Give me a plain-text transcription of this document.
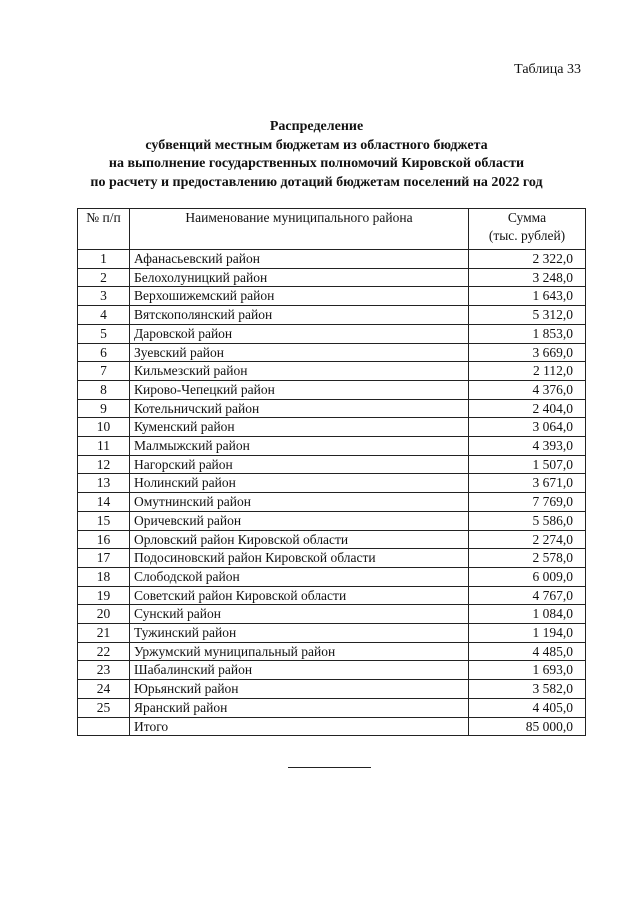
Таблица 33
Распределение
субвенций местным бюджетам из областного бюджета
на выполнение государственных полномочий Кировской области
по расчету и предоставлению дотаций бюджетам поселений на 2022 год
№ п/п	Наименование муниципального района	Сумма
(тыс. рублей)

1	Афанасьевский район	2 322,0
2	Белохолуницкий район	3 248,0
3	Верхошижемский район	1 643,0
4	Вятскополянский район	5 312,0
5	Даровской район	1 853,0
6	Зуевский район	3 669,0
7	Кильмезский район	2 112,0
8	Кирово-Чепецкий район	4 376,0
9	Котельничский район	2 404,0
10	Куменский район	3 064,0
11	Малмыжский район	4 393,0
12	Нагорский район	1 507,0
13	Нолинский район	3 671,0
14	Омутнинский район	7 769,0
15	Оричевский район	5 586,0
16	Орловский район Кировской области	2 274,0
17	Подосиновский район Кировской области	2 578,0
18	Слободской район	6 009,0
19	Советский район Кировской области	4 767,0
20	Сунский район	1 084,0
21	Тужинский район	1 194,0
22	Уржумский муниципальный район	4 485,0
23	Шабалинский район	1 693,0
24	Юрьянский район	3 582,0
25	Яранский район	4 405,0
	Итого	85 000,0
